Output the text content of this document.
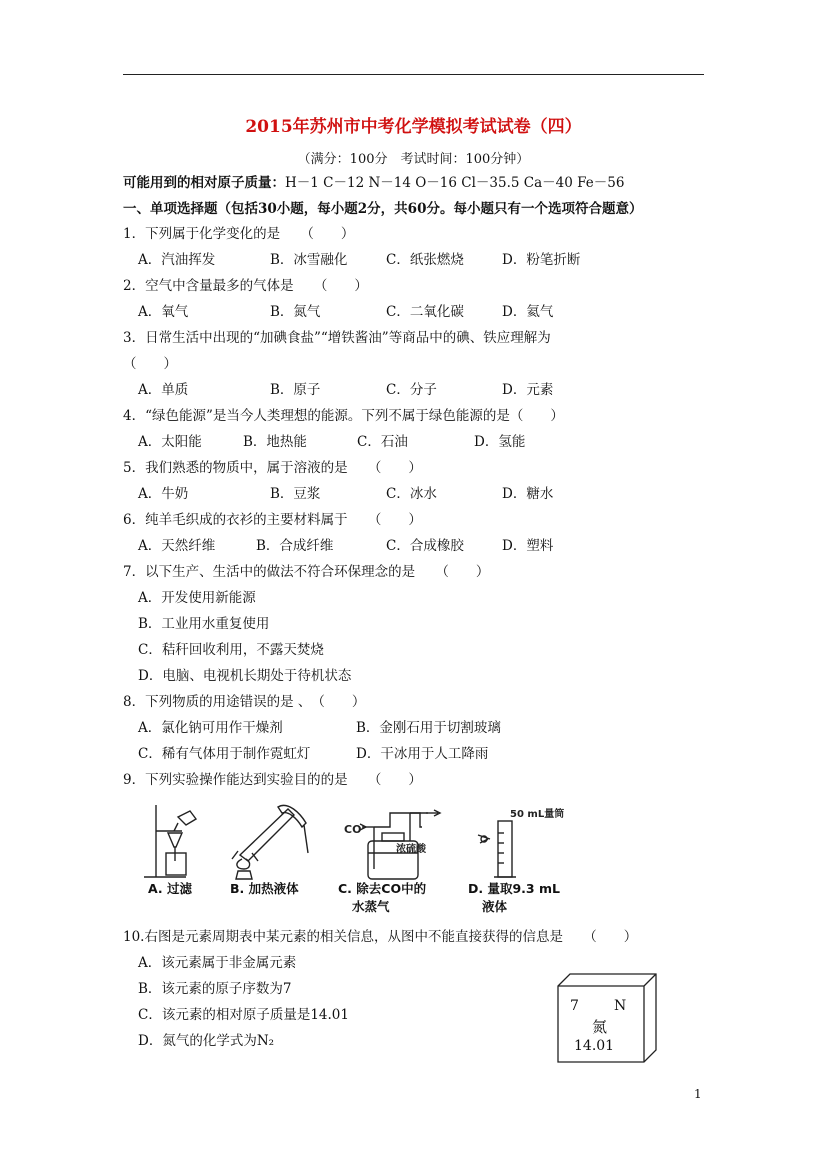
2015年苏州市中考化学模拟考试试卷（四）
（满分：100分　考试时间：100分钟）
可能用到的相对原子质量：H－1 C－12 N－14 O－16 Cl－35.5 Ca－40 Fe－56
一、单项选择题（包括30小题，每小题2分，共60分。每小题只有一个选项符合题意）
1．下列属于化学变化的是　　（　　）
A．汽油挥发	B．冰雪融化	C．纸张燃烧	D．粉笔折断
2．空气中含量最多的气体是　　（　　）
A．氧气	B．氮气	C．二氧化碳	D．氦气
3．日常生活中出现的“加碘食盐”“增铁酱油”等商品中的碘、铁应理解为
（　　）
A．单质	B．原子	C．分子	D．元素
4．“绿色能源”是当今人类理想的能源。下列不属于绿色能源的是（　　）
A．太阳能	B．地热能	C．石油	D．氢能
5．我们熟悉的物质中，属于溶液的是　　（　　）
A．牛奶	B．豆浆	C．冰水	D．糖水
6．纯羊毛织成的衣衫的主要材料属于　　（　　）
A．天然纤维	B．合成纤维	C．合成橡胶	D．塑料
7．以下生产、生活中的做法不符合环保理念的是　　（　　）
A．开发使用新能源
B．工业用水重复使用
C．秸秆回收利用，不露天焚烧
D．电脑、电视机长期处于待机状态
8．下列物质的用途错误的是 、　（　　）
A．氯化钠可用作干燥剂	B．金刚石用于切割玻璃
C．稀有气体用于制作霓虹灯	D．干冰用于人工降雨
9．下列实验操作能达到实验目的的是　　（　　）
CO
浓硫酸
50 mL量筒
A. 过滤	B. 加热液体	C. 除去CO中的
水蒸气
D. 量取9.3 mL
液体
10.右图是元素周期表中某元素的相关信息，从图中不能直接获得的信息是　　（　　）
A．该元素属于非金属元素
B．该元素的原子序数为7
C．该元素的相对原子质量是14.01
D．氮气的化学式为N₂
7	N
氮
14.01
1
